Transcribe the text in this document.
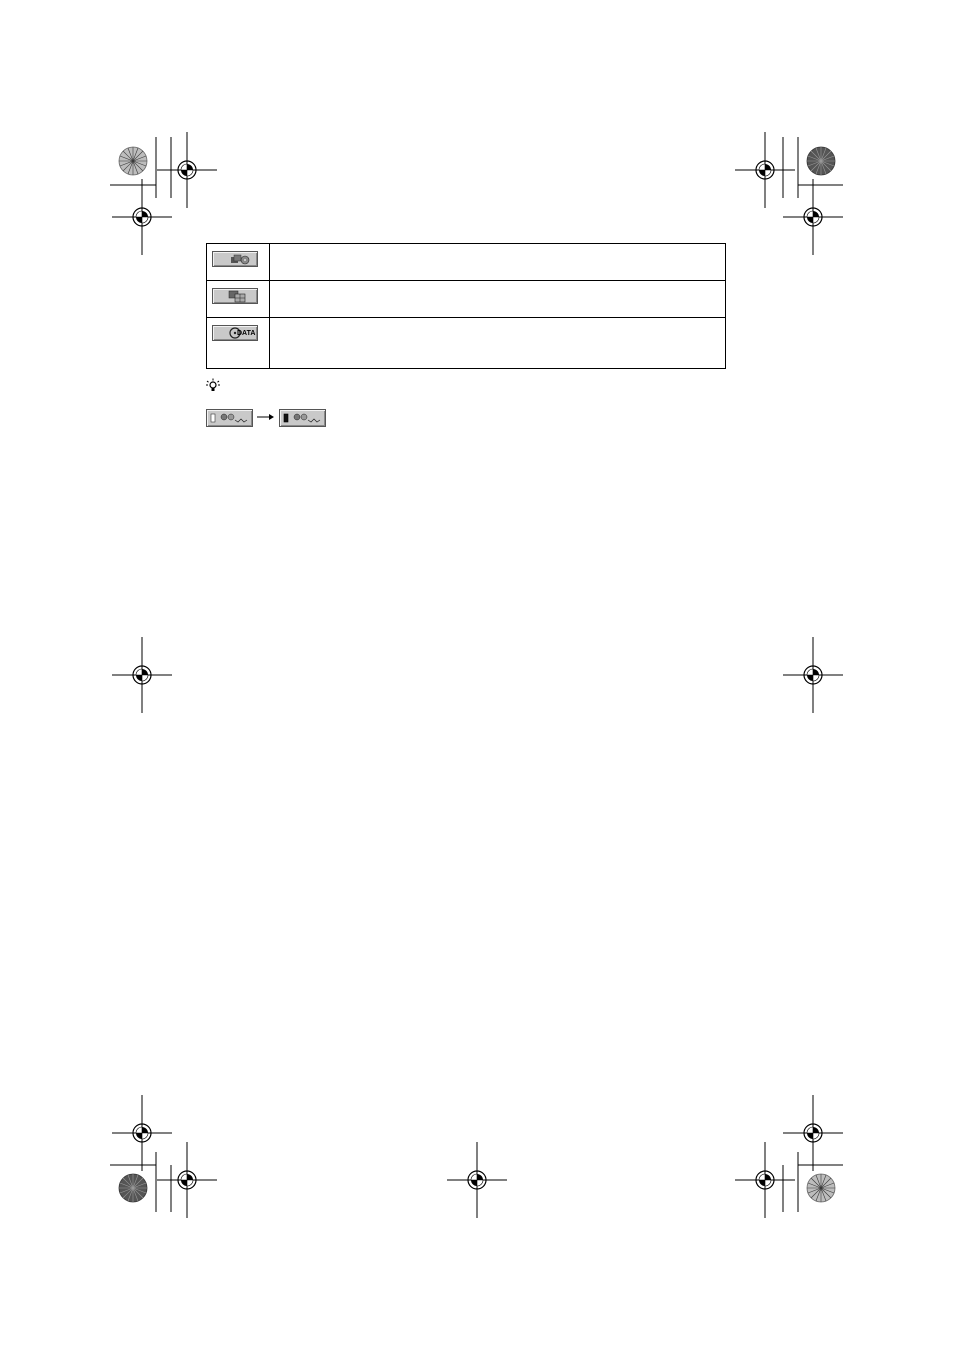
DATA	
